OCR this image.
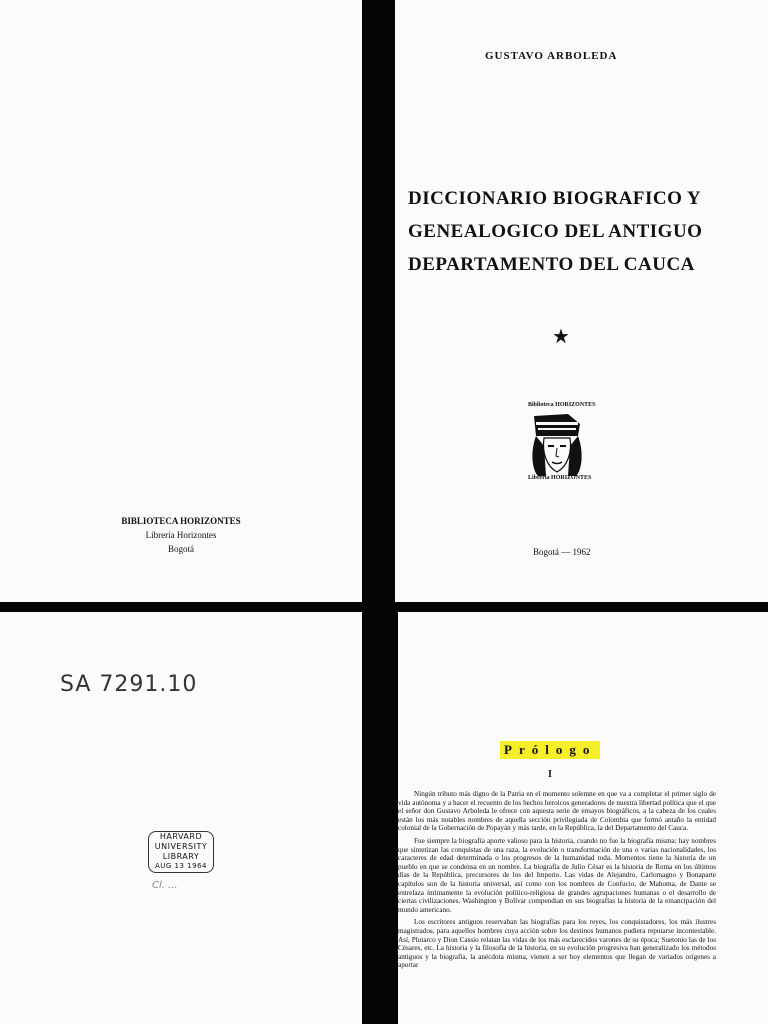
BIBLIOTECA HORIZONTES
Librería Horizontes
Bogotá
GUSTAVO ARBOLEDA
DICCIONARIO BIOGRAFICO Y
GENEALOGICO DEL ANTIGUO
DEPARTAMENTO DEL CAUCA
★
Biblioteca HORIZONTES
Librería HORIZONTES
Bogotá — 1962
SA 7291.10
HARVARD
UNIVERSITY
LIBRARY
AUG 13 1964
Cl. ...
Prólogo
I

Ningún tributo más digno de la Patria en el momento solemne en que va a completar el primer siglo de vida autónoma y a hacer el recuento de los hechos heroicos generadores de nuestra libertad política que el que el señor don Gustavo Arboleda le ofrece con aquesta serie de ensayos biográficos, a la cabeza de los cuales están los más notables nombres de aquella sección privilegiada de Colombia que formó antaño la entidad colonial de la Gobernación de Popayán y más tarde, en la República, la del Departamento del Cauca.

Fue siempre la biografía aporte valioso para la historia, cuando no fue la biografía misma: hay nombres que sintetizan las conquistas de una raza, la evolución o transformación de una o varias nacionalidades, los caracteres de edad determinada o los progresos de la humanidad toda. Momentos tiene la historia de un pueblo en que se condensa en un nombre. La biografía de Julio César es la historia de Roma en los últimos días de la República, precursores de los del Imperio. Las vidas de Alejandro, Carlomagno y Bonaparte capítulos son de la historia universal, así como con los nombres de Confucio, de Mahoma, de Dante se entrelaza íntimamente la evolución político-religiosa de grandes agrupaciones humanas o el desarrollo de ciertas civilizaciones. Washington y Bolívar compendian en sus biografías la historia de la emancipación del mundo americano.

Los escritores antiguos reservaban las biografías para los reyes, los conquistadores, los más ilustres magistrados, para aquellos hombres cuya acción sobre los destinos humanos pudiera reputarse incontestable. Así, Plutarco y Dion Cassio relatan las vidas de los más esclarecidos varones de su época; Suetonio las de los Césares, etc. La historia y la filosofía de la historia, en su evolución progresiva han generalizado los métodos antiguos y la biografía, la anécdota misma, vienen a ser hoy elementos que llegan de variados orígenes a aportar
